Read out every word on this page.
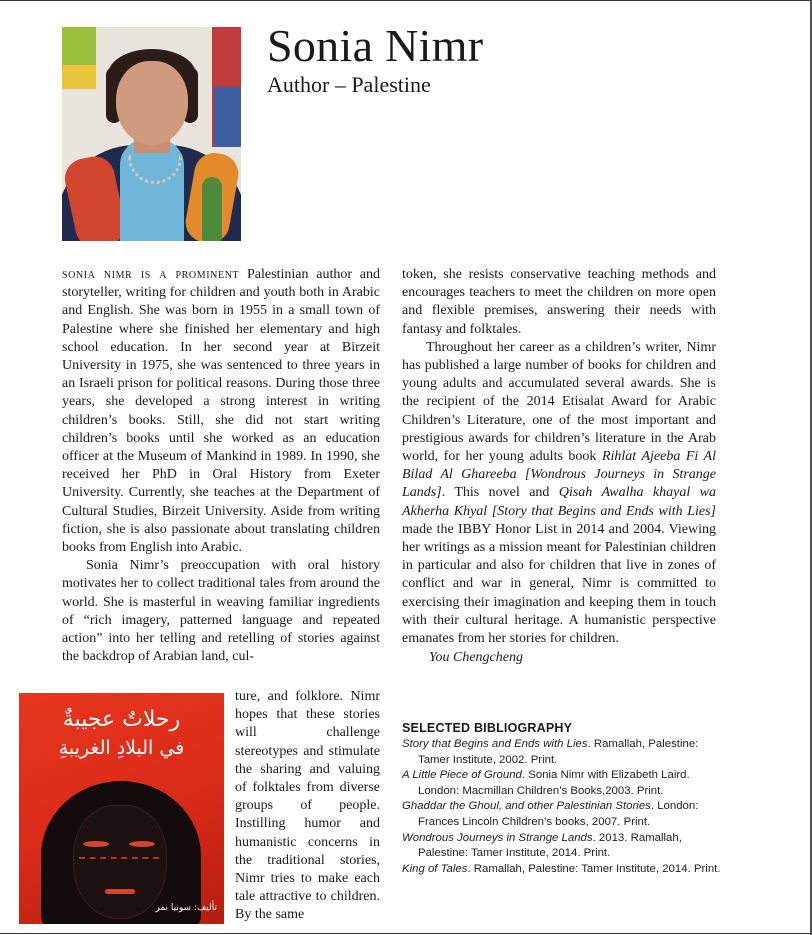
Sonia Nimr
Author – Palestine

sonia nimr is a prominent Palestinian author and storyteller, writing for children and youth both in Arabic and English. She was born in 1955 in a small town of Palestine where she finished her elementary and high school education. In her second year at Birzeit University in 1975, she was sentenced to three years in an Israeli prison for political reasons. During those three years, she developed a strong interest in writing children’s books. Still, she did not start writing children’s books until she worked as an education officer at the Museum of Mankind in 1989. In 1990, she received her PhD in Oral History from Exeter University. Currently, she teaches at the Department of Cultural Studies, Birzeit University. Aside from writing fiction, she is also passionate about translating children books from English into Arabic.

Sonia Nimr’s preoccupation with oral history motivates her to collect traditional tales from around the world. She is masterful in weaving familiar ingredients of “rich imagery, patterned language and repeated action” into her telling and retelling of stories against the backdrop of Arabian land, cul-

رحلاتٌ عجيبةٌ
في البلادِ الغريبةِ
تأليف: سونيا نمر

ture, and folklore. Nimr hopes that these stories will challenge stereotypes and stimulate the sharing and valuing of folktales from diverse groups of people. Instilling humor and humanistic concerns in the traditional stories, Nimr tries to make each tale attractive to children. By the same

token, she resists conservative teaching methods and encourages teachers to meet the children on more open and flexible premises, answering their needs with fantasy and folktales.

Throughout her career as a children’s writer, Nimr has published a large number of books for children and young adults and accumulated several awards. She is the recipient of the 2014 Etisalat Award for Arabic Children’s Literature, one of the most important and prestigious awards for children’s literature in the Arab world, for her young adults book Rihlat Ajeeba Fi Al Bilad Al Ghareeba [Wondrous Journeys in Strange Lands]. This novel and Qisah Awalha khayal wa Akherha Khyal [Story that Begins and Ends with Lies] made the IBBY Honor List in 2014 and 2004. Viewing her writings as a mission meant for Palestinian children in particular and also for children that live in zones of conflict and war in general, Nimr is committed to exercising their imagination and keeping them in touch with their cultural heritage. A humanistic perspective emanates from her stories for children.

You Chengcheng

SELECTED BIBLIOGRAPHY
Story that Begins and Ends with Lies. Ramallah, Palestine: Tamer Institute, 2002. Print.
A Little Piece of Ground. Sonia Nimr with Elizabeth Laird. London: Macmillan Children’s Books,2003. Print.
Ghaddar the Ghoul, and other Palestinian Stories. London: Frances Lincoln Children’s books, 2007. Print.
Wondrous Journeys in Strange Lands. 2013. Ramallah, Palestine: Tamer Institute, 2014. Print.
King of Tales. Ramallah, Palestine: Tamer Institute, 2014. Print.
